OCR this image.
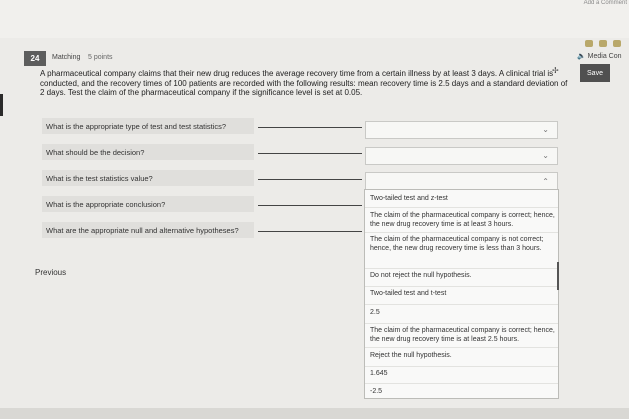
Add a Comment
24	Matching 5 points	🔈 Media Con
✢	Save
A pharmaceutical company claims that their new drug reduces the average recovery time from a certain illness by at least 3 days. A clinical trial is conducted, and the recovery times of 100 patients are recorded with the following results: mean recovery time is 2.5 days and a standard deviation of 2 days. Test the claim of the pharmaceutical company if the significance level is set at 0.05.
What is the appropriate type of test and test statistics?	⌄
What should be the decision?	⌄
What is the test statistics value?	⌃
What is the appropriate conclusion?
What are the appropriate null and alternative hypotheses?
Two-tailed test and z-test
The claim of the pharmaceutical company is correct; hence, the new drug recovery time is at least 3 hours.
The claim of the pharmaceutical company is not correct; hence, the new drug recovery time is less than 3 hours.
Do not reject the null hypothesis.
Two-tailed test and t-test
2.5
The claim of the pharmaceutical company is correct; hence, the new drug recovery time is at least 2.5 hours.
Reject the null hypothesis.
1.645
-2.5
Previous
